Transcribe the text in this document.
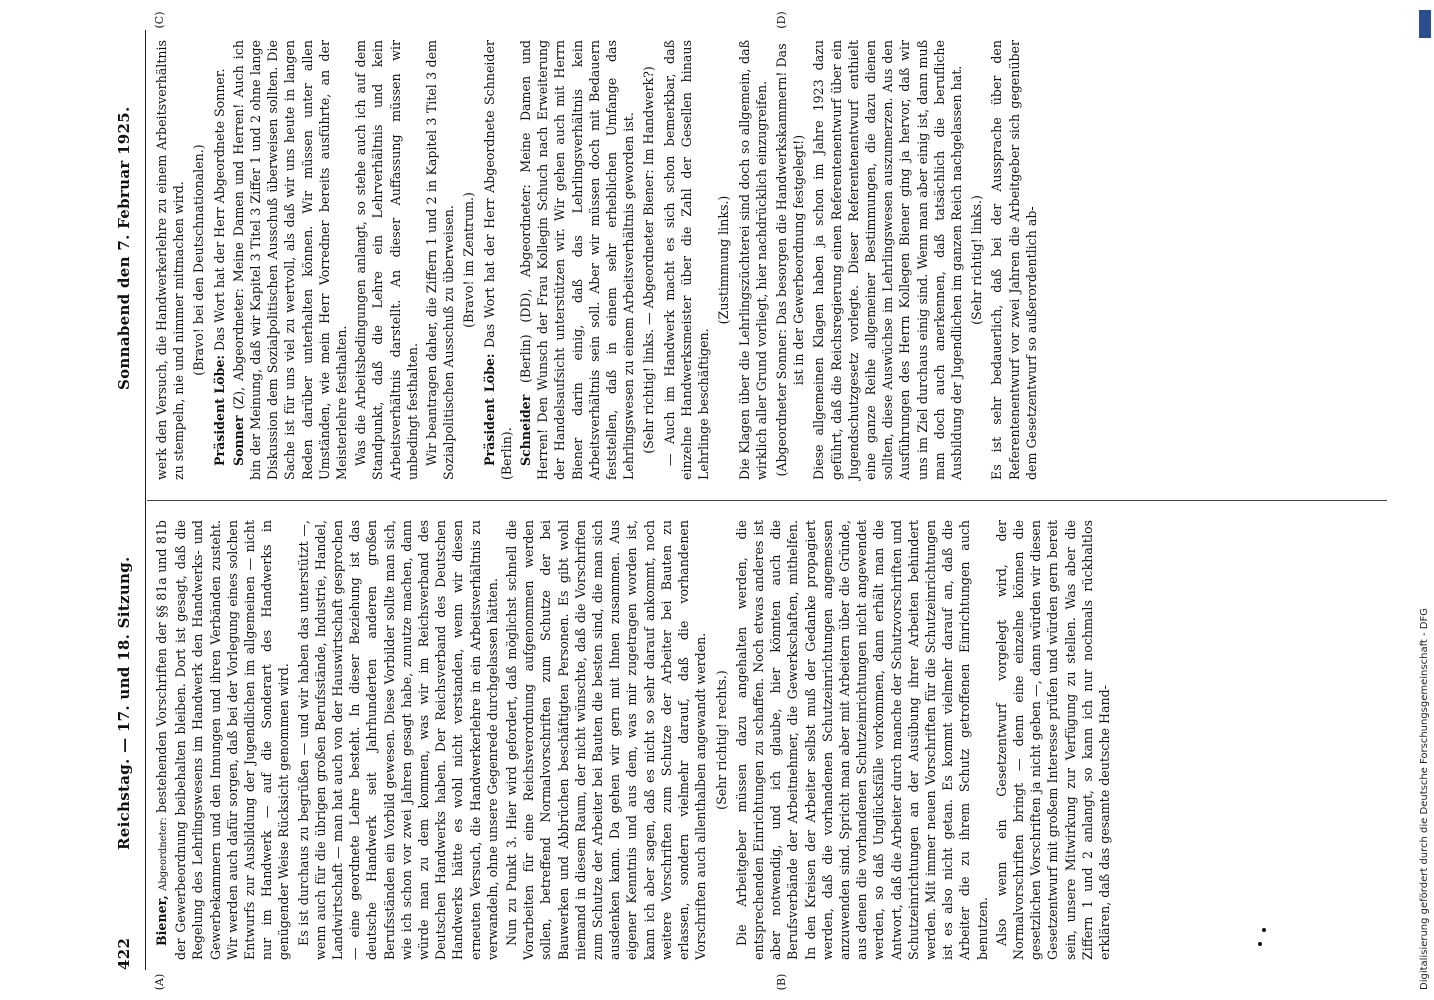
422
Reichstag. — 17. und 18. Sitzung.
Sonnabend den 7. Februar 1925.
(A)	(B)
(C)	(D)

Biener, Abgeordneter: bestehenden Vorschriften der §§ 81a und 81b der Gewerbeordnung beibehalten bleiben. Dort ist gesagt, daß die Regelung des Lehrlingswesens im Handwerk den Handwerks- und Gewerbekammern und den Innungen und ihren Verbänden zusteht. Wir werden auch dafür sorgen, daß bei der Vorlegung eines solchen Entwurfs zur Ausbildung der Jugendlichen im allgemeinen — nicht nur im Handwerk — auf die Sonderart des Handwerks in genügender Weise Rücksicht genommen wird. Es ist durchaus zu begrüßen — und wir haben das unterstützt —, wenn auch für die übrigen großen Berufsstände, Industrie, Handel, Landwirtschaft — man hat auch von der Hauswirtschaft gesprochen — eine geordnete Lehre besteht. In dieser Beziehung ist das deutsche Handwerk seit Jahrhunderten anderen großen Berufsständen ein Vorbild gewesen. Diese Vorbilder sollte man sich, wie ich schon vor zwei Jahren gesagt habe, zunutze machen, dann würde man zu dem kommen, was wir im Reichsverband des Deutschen Handwerks haben. Der Reichsverband des Deutschen Handwerks hätte es wohl nicht verstanden, wenn wir diesen erneuten Versuch, die Handwerkerlehre in ein Arbeitsverhältnis zu verwandeln, ohne unsere Gegenrede durchgelassen hätten. Nun zu Punkt 3. Hier wird gefordert, daß möglichst schnell die Vorarbeiten für eine Reichsverordnung aufgenommen werden sollen, betreffend Normalvorschriften zum Schutze der bei Bauwerken und Abbrüchen beschäftigten Personen. Es gibt wohl niemand in diesem Raum, der nicht wünschte, daß die Vorschriften zum Schutze der Arbeiter bei Bauten die besten sind, die man sich ausdenken kann. Da gehen wir gern mit Ihnen zusammen. Aus eigener Kenntnis und aus dem, was mir zugetragen worden ist, kann ich aber sagen, daß es nicht so sehr darauf ankommt, noch weitere Vorschriften zum Schutze der Arbeiter bei Bauten zu erlassen, sondern vielmehr darauf, daß die vorhandenen Vorschriften auch allenthalben angewandt werden. (Sehr richtig! rechts.) Die Arbeitgeber müssen dazu angehalten werden, die entsprechenden Einrichtungen zu schaffen. Noch etwas anderes ist aber notwendig, und ich glaube, hier könnten auch die Berufsverbände der Arbeitnehmer, die Gewerkschaften, mithelfen. In den Kreisen der Arbeiter selbst muß der Gedanke propagiert werden, daß die vorhandenen Schutzeinrichtungen angemessen anzuwenden sind. Spricht man aber mit Arbeitern über die Gründe, aus denen die vorhandenen Schutzeinrichtungen nicht angewendet werden, so daß Unglücksfälle vorkommen, dann erhält man die Antwort, daß die Arbeiter durch manche der Schutzvorschriften und Schutzeinrichtungen an der Ausübung ihrer Arbeiten behindert werden. Mit immer neuen Vorschriften für die Schutzeinrichtungen ist es also nicht getan. Es kommt vielmehr darauf an, daß die Arbeiter die zu ihrem Schutz getroffenen Einrichtungen auch benutzen. Also wenn ein Gesetzentwurf vorgelegt wird, der Normalvorschriften bringt — denn eine einzelne können die gesetzlichen Vorschriften ja nicht geben —, dann würden wir diesen Gesetzentwurf mit großem Interesse prüfen und würden gern bereit sein, unsere Mitwirkung zur Verfügung zu stellen. Was aber die Ziffern 1 und 2 anlangt, so kann ich nur nochmals rückhaltlos erklären, daß das gesamte deutsche Hand-

werk den Versuch, die Handwerkerlehre zu einem Arbeitsverhältnis zu stempeln, nie und nimmer mitmachen wird. (Bravo! bei den Deutschnationalen.)

Präsident Löbe: Das Wort hat der Herr Abgeordnete Sonner.

Sonner (Z), Abgeordneter: Meine Damen und Herren! Auch ich bin der Meinung, daß wir Kapitel 3 Titel 3 Ziffer 1 und 2 ohne lange Diskussion dem Sozialpolitischen Ausschuß überweisen sollten. Die Sache ist für uns viel zu wertvoll, als daß wir uns heute in langen Reden darüber unterhalten können. Wir müssen unter allen Umständen, wie mein Herr Vorredner bereits ausführte, an der Meisterlehre festhalten. Was die Arbeitsbedingungen anlangt, so stehe auch ich auf dem Standpunkt, daß die Lehre ein Lehrverhältnis und kein Arbeitsverhältnis darstellt. An dieser Auffassung müssen wir unbedingt festhalten. Wir beantragen daher, die Ziffern 1 und 2 in Kapitel 3 Titel 3 dem Sozialpolitischen Ausschuß zu überweisen. (Bravo! im Zentrum.)

Präsident Löbe: Das Wort hat der Herr Abgeordnete Schneider (Berlin). Schneider (Berlin) (DD), Abgeordneter: Meine Damen und Herren! Den Wunsch der Frau Kollegin Schuch nach Erweiterung der Handelsaufsicht unterstützen wir. Wir gehen auch mit Herrn Biener darin einig, daß das Lehrlingsverhältnis kein Arbeitsverhältnis sein soll. Aber wir müssen doch mit Bedauern feststellen, daß in einem sehr erheblichen Umfange das Lehrlingswesen zu einem Arbeitsverhältnis geworden ist. (Sehr richtig! links. — Abgeordneter Biener: Im Handwerk?) — Auch im Handwerk macht es sich schon bemerkbar, daß einzelne Handwerksmeister über die Zahl der Gesellen hinaus Lehrlinge beschäftigen.

(Zustimmung links.) Die Klagen über die Lehrlingszüchterei sind doch so allgemein, daß wirklich aller Grund vorliegt, hier nachdrücklich einzugreifen. (Abgeordneter Sonner: Das besorgen die Handwerkskammern! Das ist in der Gewerbeordnung festgelegt!) Diese allgemeinen Klagen haben ja schon im Jahre 1923 dazu geführt, daß die Reichsregierung einen Referentenentwurf über ein Jugendschutzgesetz vorlegte. Dieser Referentenentwurf enthielt eine ganze Reihe allgemeiner Bestimmungen, die dazu dienen sollten, diese Auswüchse im Lehrlingswesen auszumerzen. Aus den Ausführungen des Herrn Kollegen Biener ging ja hervor, daß wir uns im Ziel durchaus einig sind. Wenn man aber einig ist, dann muß man doch auch anerkennen, daß tatsächlich die berufliche Ausbildung der Jugendlichen im ganzen Reich nachgelassen hat. (Sehr richtig! links.) Es ist sehr bedauerlich, daß bei der Aussprache über den Referentenentwurf vor zwei Jahren die Arbeitgeber sich gegenüber dem Gesetzentwurf so außerordentlich ab-

Digitalisierung gefördert durch die Deutsche Forschungsgemeinschaft - DFG
